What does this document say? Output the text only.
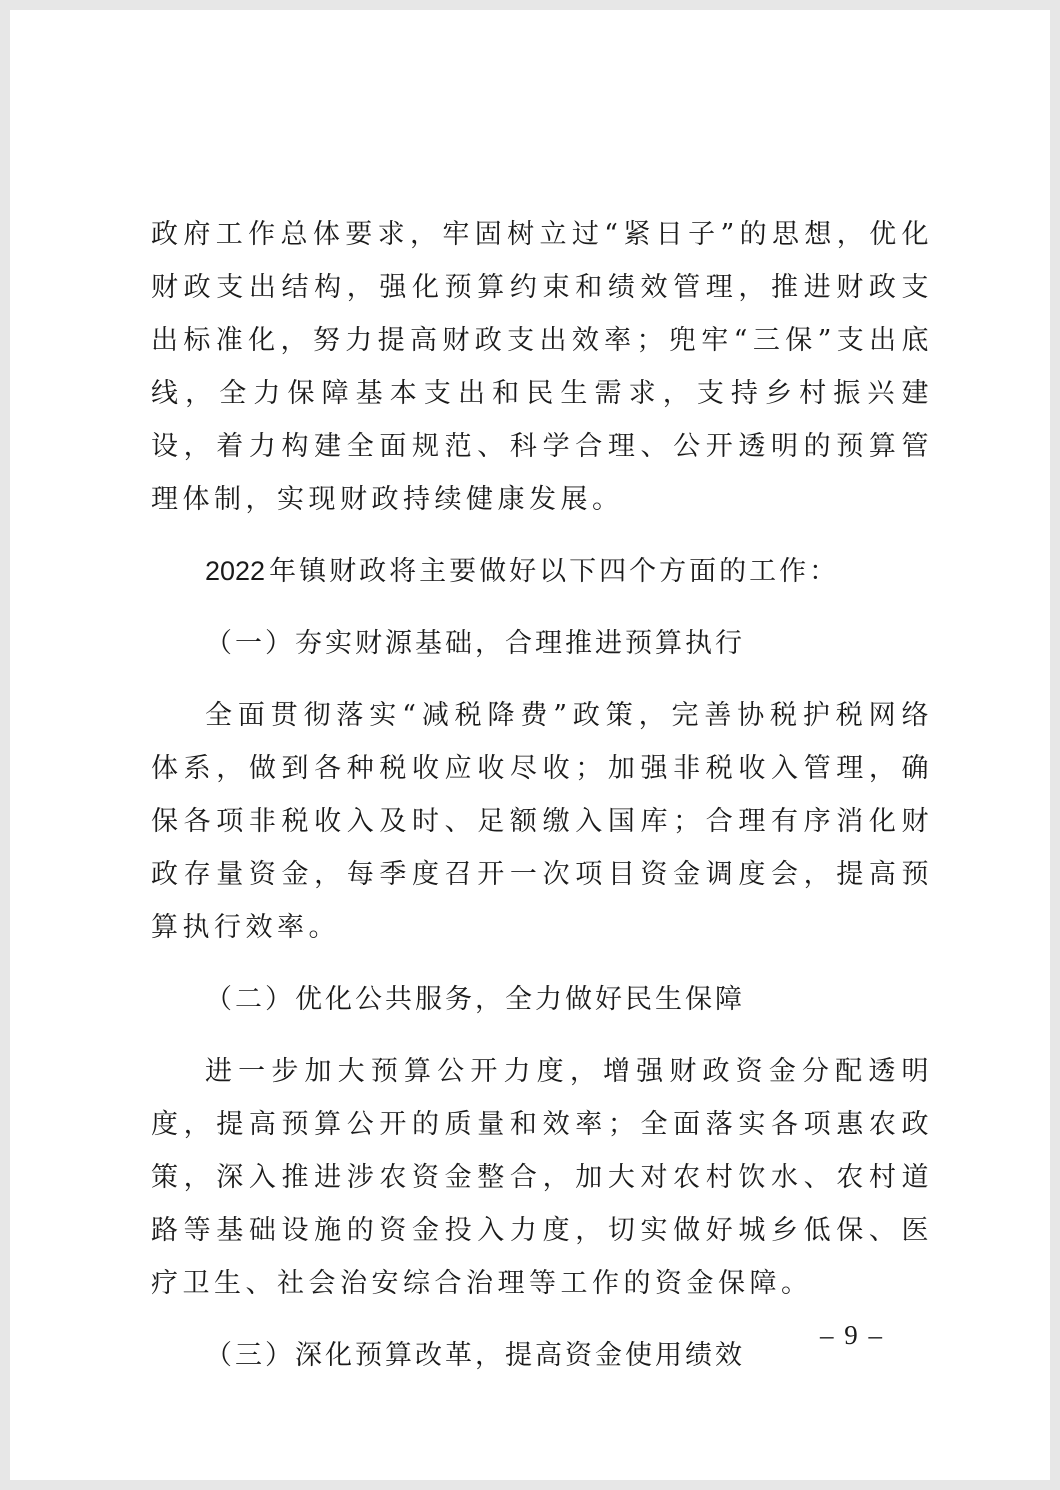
政府工作总体要求，牢固树立过“紧日子”的思想，优化财政支出结构，强化预算约束和绩效管理，推进财政支出标准化，努力提高财政支出效率；兜牢“三保”支出底线，全力保障基本支出和民生需求，支持乡村振兴建设，着力构建全面规范、科学合理、公开透明的预算管理体制，实现财政持续健康发展。

2022 年镇财政将主要做好以下四个方面的工作：

（一）夯实财源基础，合理推进预算执行

全面贯彻落实“减税降费”政策，完善协税护税网络体系，做到各种税收应收尽收；加强非税收入管理，确保各项非税收入及时、足额缴入国库；合理有序消化财政存量资金，每季度召开一次项目资金调度会，提高预算执行效率。

（二）优化公共服务，全力做好民生保障

进一步加大预算公开力度，增强财政资金分配透明度，提高预算公开的质量和效率；全面落实各项惠农政策，深入推进涉农资金整合，加大对农村饮水、农村道路等基础设施的资金投入力度，切实做好城乡低保、医疗卫生、社会治安综合治理等工作的资金保障。

（三）深化预算改革，提高资金使用绩效

– 9 –
